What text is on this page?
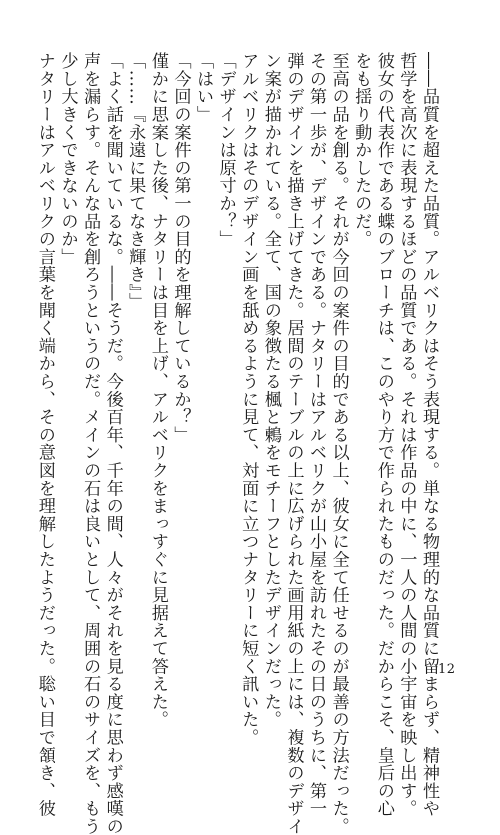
――品質を超えた品質。アルベリクはそう表現する。単なる物理的な品質に留まらず、精神性や
哲学を高次に表現するほどの品質である。それは作品の中に、一人の人間の小宇宙を映し出す。
彼女の代表作である蝶のブローチは、このやり方で作られたものだった。だからこそ、皇后の心
をも揺り動かしたのだ。
至高の品を創る。それが今回の案件の目的である以上、彼女に全て任せるのが最善の方法だった。
その第一歩が、デザインである。ナタリーはアルベリクが山小屋を訪れたその日のうちに、第一
弾のデザインを描き上げてきた。居間のテーブルの上に広げられた画用紙の上には、複数のデザイ
ン案が描かれている。全て、国の象徴たる楓と鶫をモチーフとしたデザインだった。
アルベリクはそのデザイン画を舐めるように見て、対面に立つナタリーに短く訊いた。
「デザインは原寸か？」
「はい」
「今回の案件の第一の目的を理解しているか？」
僅かに思案した後、ナタリーは目を上げ、アルベリクをまっすぐに見据えて答えた。
「……『永遠に果てなき輝き』」
「よく話を聞いているな。――そうだ。今後百年、千年の間、人々がそれを見る度に思わず感嘆の
声を漏らす。そんな品を創ろうというのだ。メインの石は良いとして、周囲の石のサイズを、もう
少し大きくできないのか」
ナタリーはアルベリクの言葉を聞く端から、その意図を理解したようだった。聡い目で頷き、彼	12
